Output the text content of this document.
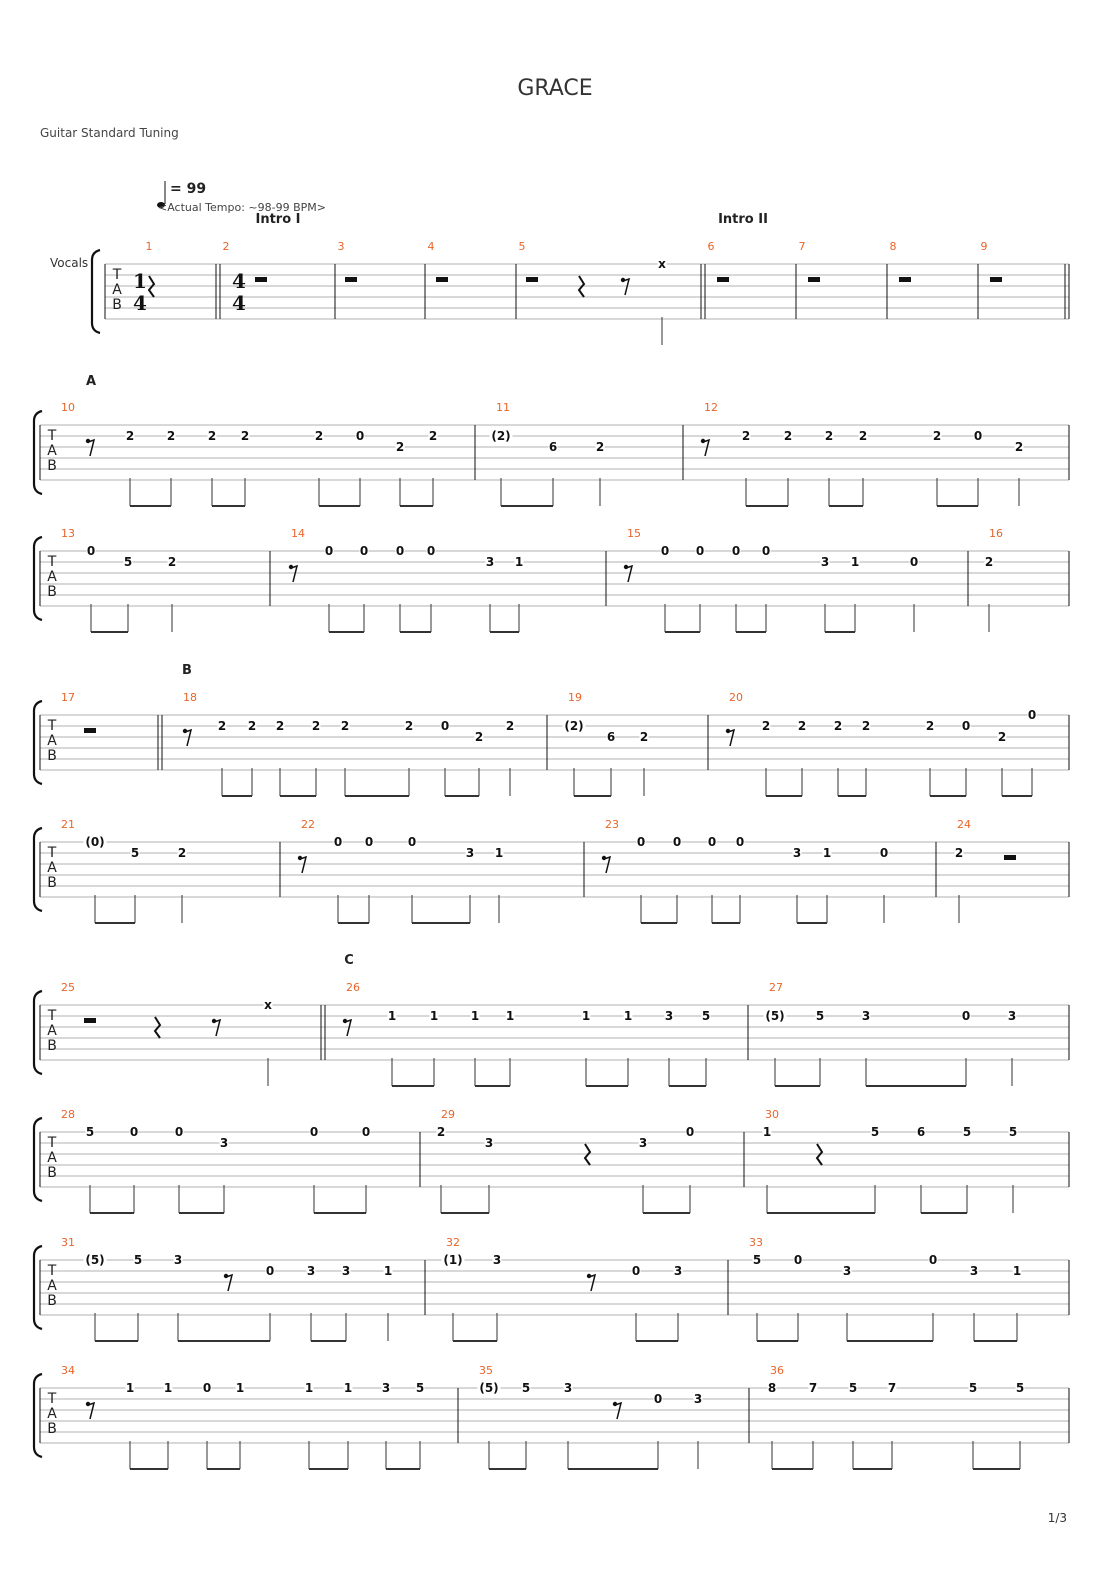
GRACE
Guitar Standard Tuning
= 99
<Actual Tempo: ~98-99 BPM>
Vocals
Intro I	Intro II
A
B
C
T
A
B
1
4
4
4
1	2	3	4	5
x
6	7	8	9
T
A
B
10
2	2	2 2	2	0
2
2
11
(2)
6	2
12
2	2	2 2	2	0
2
T
A
B
13
0
5	2
14
0 0 0 0
3 1
15
0 0 0 0
3 1	0
16
2
T
A
B
17	18
2 2 2 2 2	2 0
2
2
19
(2)
6 2
20
2 2 2 2	2 0
2
0
T
A
B
21
(0)
5	2
22
0 0	0
3 1
23
0 0 0 0
3 1	0
24
2
T
A
B
25
x
26
1	1	1 1	1	1	3 5
27
(5)	5	3	0	3
T
A
B
28
5	0	0
3
0	0
29
2
3	3
0
30
1	5	6	5	5
T
A
B
31
(5) 5	3
0	3 3	1
32
(1)	3
0	3
33
5	0
3
0
3	1
T
A
B
34
1 1	0 1	1	1 3 5
35
(5) 5	3
0	3
36
8	7	5	7	5	5
1/3
